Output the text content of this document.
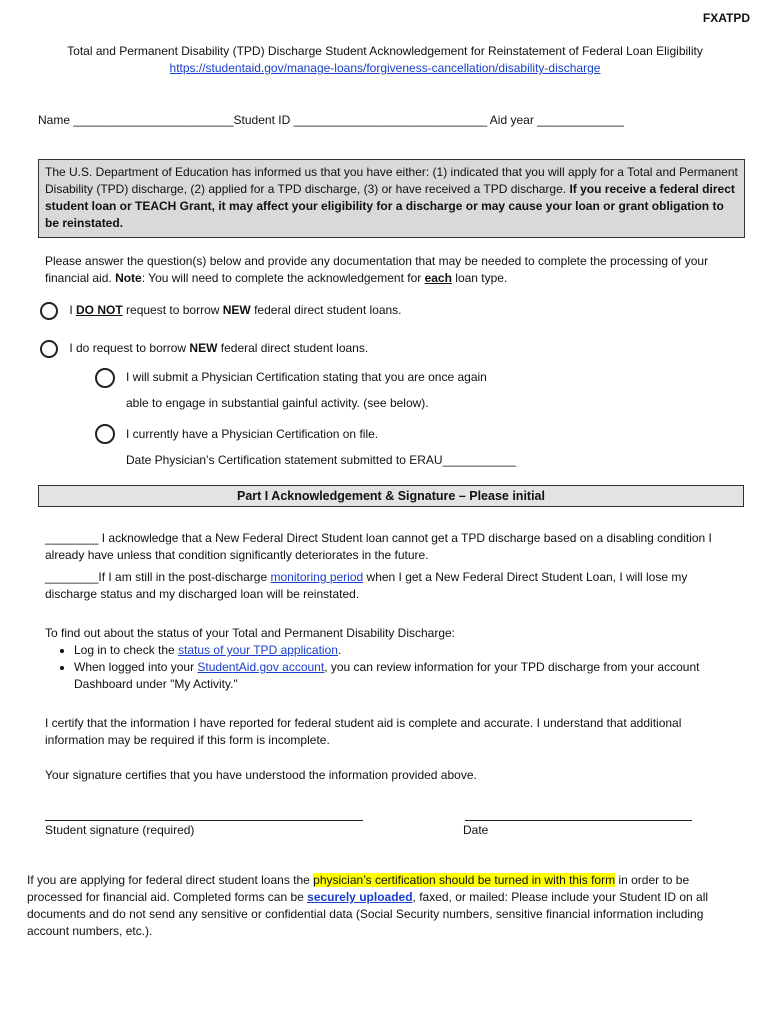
FXATPD
Total and Permanent Disability (TPD) Discharge Student Acknowledgement for Reinstatement of Federal Loan Eligibility
https://studentaid.gov/manage-loans/forgiveness-cancellation/disability-discharge
Name ________________________Student ID _____________________________ Aid year _____________
The U.S. Department of Education has informed us that you have either: (1) indicated that you will apply for a Total and Permanent Disability (TPD) discharge, (2) applied for a TPD discharge, (3) or have received a TPD discharge. If you receive a federal direct student loan or TEACH Grant, it may affect your eligibility for a discharge or may cause your loan or grant obligation to be reinstated.
Please answer the question(s) below and provide any documentation that may be needed to complete the processing of your financial aid. Note: You will need to complete the acknowledgement for each loan type.
I DO NOT request to borrow NEW federal direct student loans.
I do request to borrow NEW federal direct student loans.
I will submit a Physician Certification stating that you are once again
able to engage in substantial gainful activity. (see below).
I currently have a Physician Certification on file.
Date Physician’s Certification statement submitted to ERAU___________
Part I Acknowledgement & Signature – Please initial
________ I acknowledge that a New Federal Direct Student loan cannot get a TPD discharge based on a disabling condition I already have unless that condition significantly deteriorates in the future.
________If I am still in the post-discharge monitoring period when I get a New Federal Direct Student Loan, I will lose my discharge status and my discharged loan will be reinstated.
To find out about the status of your Total and Permanent Disability Discharge:
• Log in to check the status of your TPD application.
• When logged into your StudentAid.gov account, you can review information for your TPD discharge from your account Dashboard under "My Activity."
I certify that the information I have reported for federal student aid is complete and accurate. I understand that additional information may be required if this form is incomplete.
Your signature certifies that you have understood the information provided above.
Student signature (required)	Date
If you are applying for federal direct student loans the physician’s certification should be turned in with this form in order to be processed for financial aid. Completed forms can be securely uploaded, faxed, or mailed: Please include your Student ID on all documents and do not send any sensitive or confidential data (Social Security numbers, sensitive financial information including account numbers, etc.).
